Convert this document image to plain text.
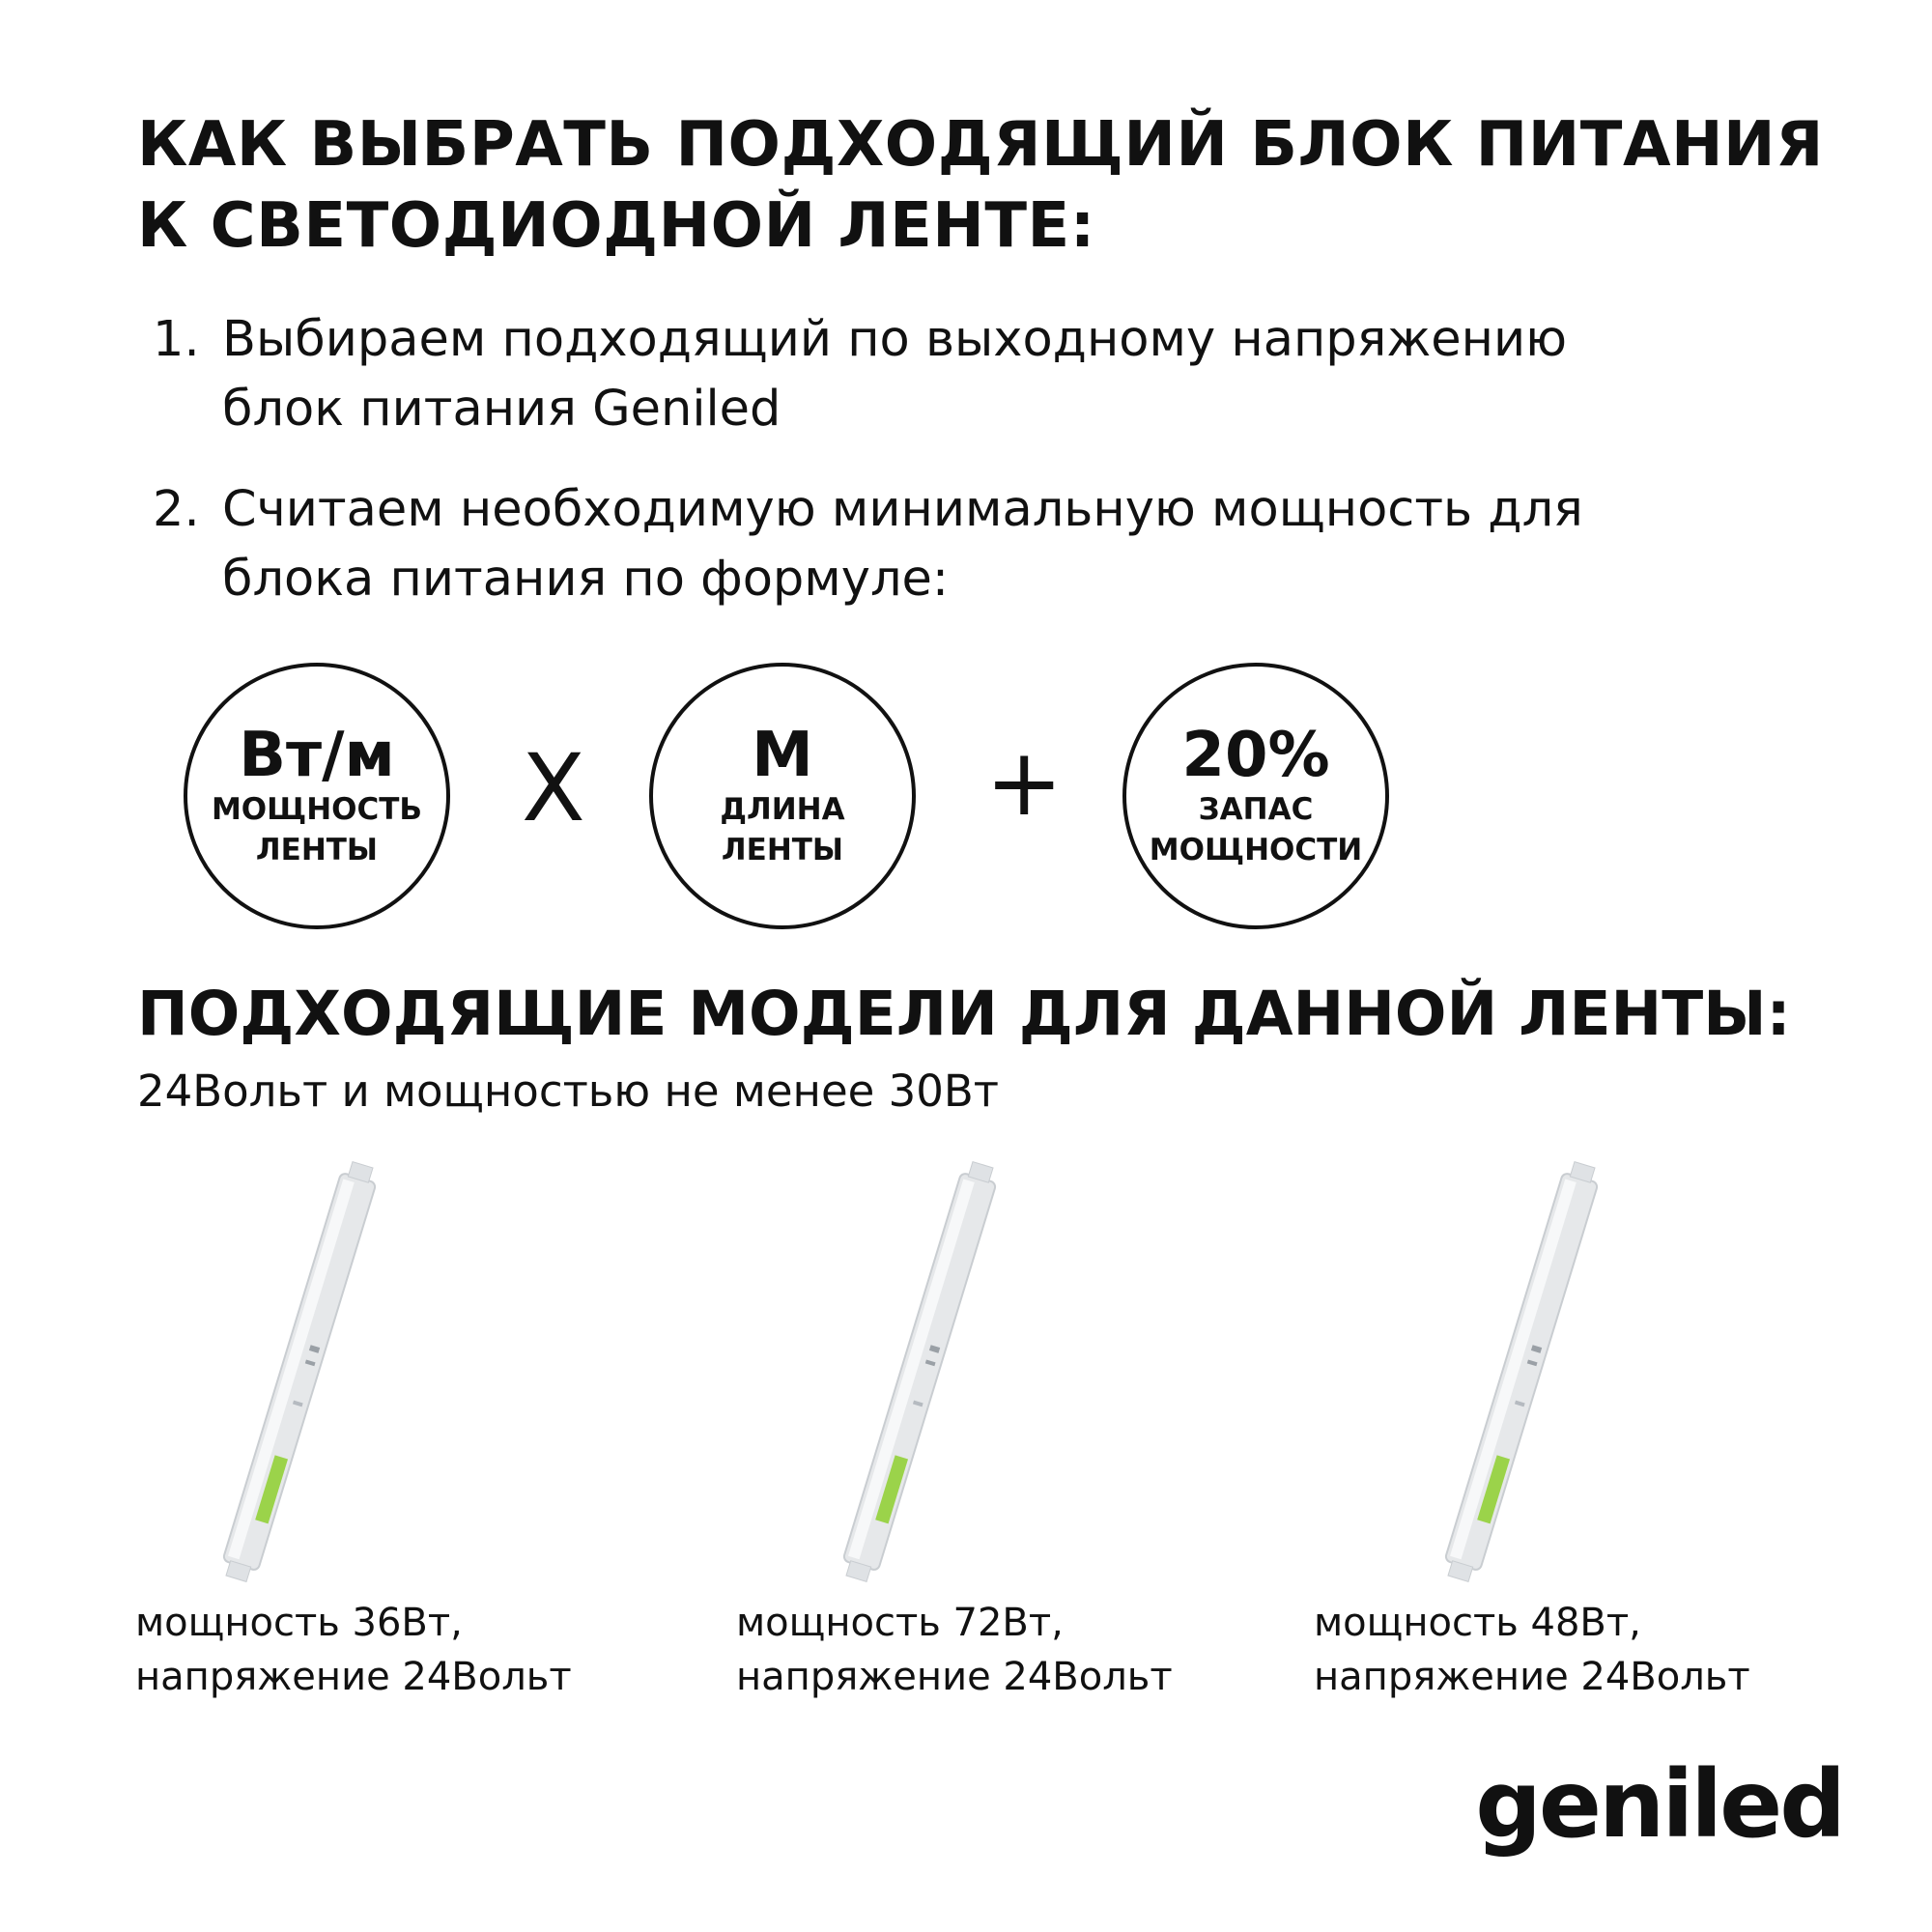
КАК ВЫБРАТЬ ПОДХОДЯЩИЙ БЛОК ПИТАНИЯ
К СВЕТОДИОДНОЙ ЛЕНТЕ:
1. Выбираем подходящий по выходному напряжению
блок питания Geniled
2. Считаем необходимую минимальную мощность для
блока питания по формуле:
Вт/м
МОЩНОСТЬ
ЛЕНТЫ
Х	М
ДЛИНА
ЛЕНТЫ
+ 20%
ЗАПАС
МОЩНОСТИ
ПОДХОДЯЩИЕ МОДЕЛИ ДЛЯ ДАННОЙ ЛЕНТЫ:
24Вольт и мощностью не менее 30Вт
мощность 36Вт,
напряжение 24Вольт
мощность 72Вт,
напряжение 24Вольт
мощность 48Вт,
напряжение 24Вольт
geniled
